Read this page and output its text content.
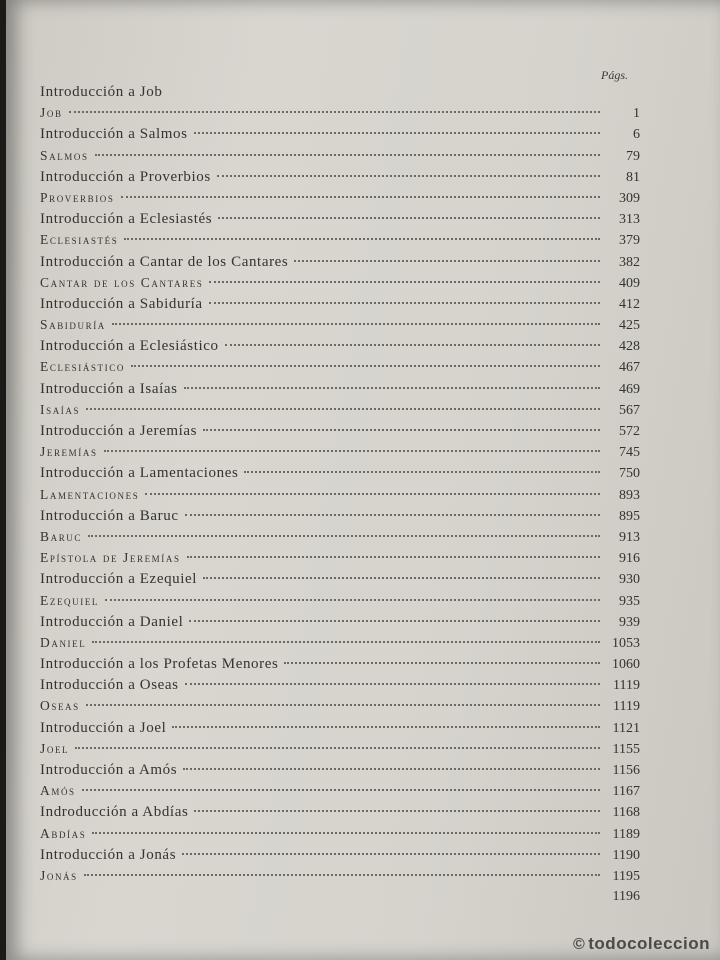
Págs.
Introducción a Job
Job	1
Introducción a Salmos	6
Salmos	79
Introducción a Proverbios	81
Proverbios	309
Introducción a Eclesiastés	313
Eclesiastés	379
Introducción a Cantar de los Cantares	382
Cantar de los Cantares	409
Introducción a Sabiduría	412
Sabiduría	425
Introducción a Eclesiástico	428
Eclesiástico	467
Introducción a Isaías	469
Isaías	567
Introducción a Jeremías	572
Jeremías	745
Introducción a Lamentaciones	750
Lamentaciones	893
Introducción a Baruc	895
Baruc	913
Epístola de Jeremías	916
Introducción a Ezequiel	930
Ezequiel	935
Introducción a Daniel	939
Daniel	1053
Introducción a los Profetas Menores	1060
Introducción a Oseas	1119
Oseas	1119
Introducción a Joel	1121
Joel	1155
Introducción a Amós	1156
Amós	1167
Indroducción a Abdías	1168
Abdías	1189
Introducción a Jonás	1190
Jonás	1195
1196
© todocoleccion
